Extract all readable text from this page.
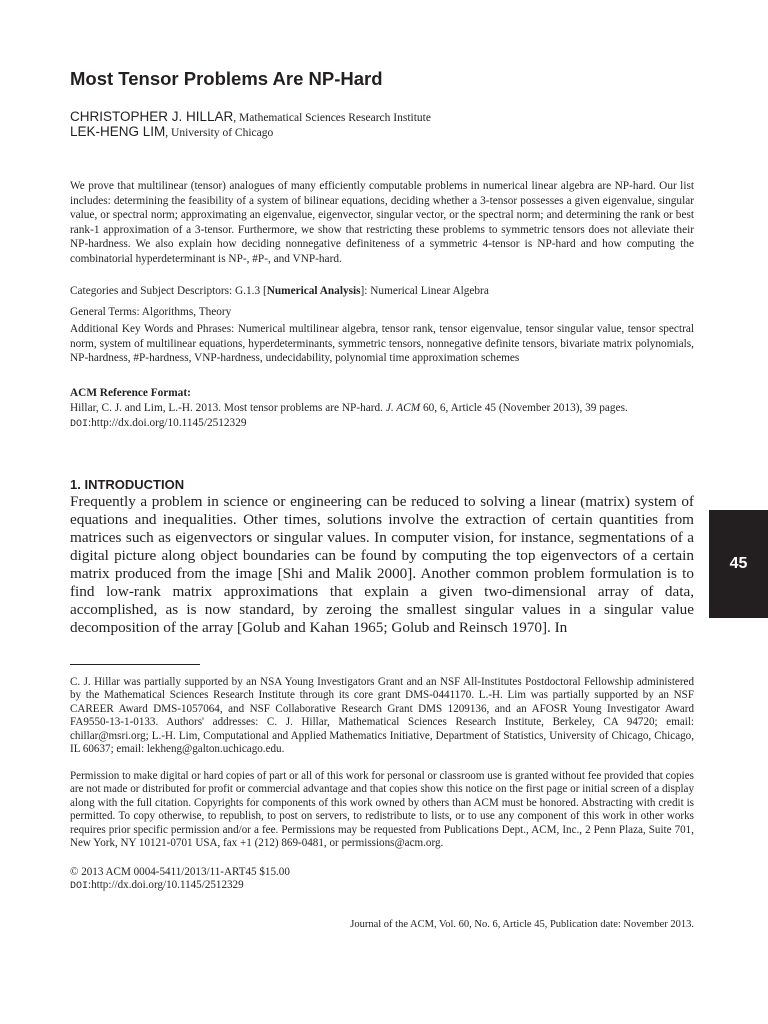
Most Tensor Problems Are NP-Hard
CHRISTOPHER J. HILLAR, Mathematical Sciences Research Institute
LEK-HENG LIM, University of Chicago

We prove that multilinear (tensor) analogues of many efficiently computable problems in numerical linear algebra are NP-hard. Our list includes: determining the feasibility of a system of bilinear equations, deciding whether a 3-tensor possesses a given eigenvalue, singular value, or spectral norm; approximating an eigenvalue, eigenvector, singular vector, or the spectral norm; and determining the rank or best rank-1 approximation of a 3-tensor. Furthermore, we show that restricting these problems to symmetric tensors does not alleviate their NP-hardness. We also explain how deciding nonnegative definiteness of a symmetric 4-tensor is NP-hard and how computing the combinatorial hyperdeterminant is NP-, #P-, and VNP-hard.

Categories and Subject Descriptors: G.1.3 [Numerical Analysis]: Numerical Linear Algebra

General Terms: Algorithms, Theory

Additional Key Words and Phrases: Numerical multilinear algebra, tensor rank, tensor eigenvalue, tensor singular value, tensor spectral norm, system of multilinear equations, hyperdeterminants, symmetric tensors, nonnegative definite tensors, bivariate matrix polynomials, NP-hardness, #P-hardness, VNP-hardness, undecidability, polynomial time approximation schemes

ACM Reference Format:

Hillar, C. J. and Lim, L.-H. 2013. Most tensor problems are NP-hard. J. ACM 60, 6, Article 45 (November 2013), 39 pages.
DOI:http://dx.doi.org/10.1145/2512329

1. INTRODUCTION

Frequently a problem in science or engineering can be reduced to solving a linear (matrix) system of equations and inequalities. Other times, solutions involve the extraction of certain quantities from matrices such as eigenvectors or singular values. In computer vision, for instance, segmentations of a digital picture along object boundaries can be found by computing the top eigenvectors of a certain matrix produced from the image [Shi and Malik 2000]. Another common problem formulation is to find low-rank matrix approximations that explain a given two-dimensional array of data, accomplished, as is now standard, by zeroing the smallest singular values in a singular value decomposition of the array [Golub and Kahan 1965; Golub and Reinsch 1970]. In

45

C. J. Hillar was partially supported by an NSA Young Investigators Grant and an NSF All-Institutes Postdoctoral Fellowship administered by the Mathematical Sciences Research Institute through its core grant DMS-0441170. L.-H. Lim was partially supported by an NSF CAREER Award DMS-1057064, and NSF Collaborative Research Grant DMS 1209136, and an AFOSR Young Investigator Award FA9550-13-1-0133. Authors' addresses: C. J. Hillar, Mathematical Sciences Research Institute, Berkeley, CA 94720; email: chillar@msri.org; L.-H. Lim, Computational and Applied Mathematics Initiative, Department of Statistics, University of Chicago, Chicago, IL 60637; email: lekheng@galton.uchicago.edu.

Permission to make digital or hard copies of part or all of this work for personal or classroom use is granted without fee provided that copies are not made or distributed for profit or commercial advantage and that copies show this notice on the first page or initial screen of a display along with the full citation. Copyrights for components of this work owned by others than ACM must be honored. Abstracting with credit is permitted. To copy otherwise, to republish, to post on servers, to redistribute to lists, or to use any component of this work in other works requires prior specific permission and/or a fee. Permissions may be requested from Publications Dept., ACM, Inc., 2 Penn Plaza, Suite 701, New York, NY 10121-0701 USA, fax +1 (212) 869-0481, or permissions@acm.org.

© 2013 ACM 0004-5411/2013/11-ART45 $15.00
DOI:http://dx.doi.org/10.1145/2512329

Journal of the ACM, Vol. 60, No. 6, Article 45, Publication date: November 2013.
